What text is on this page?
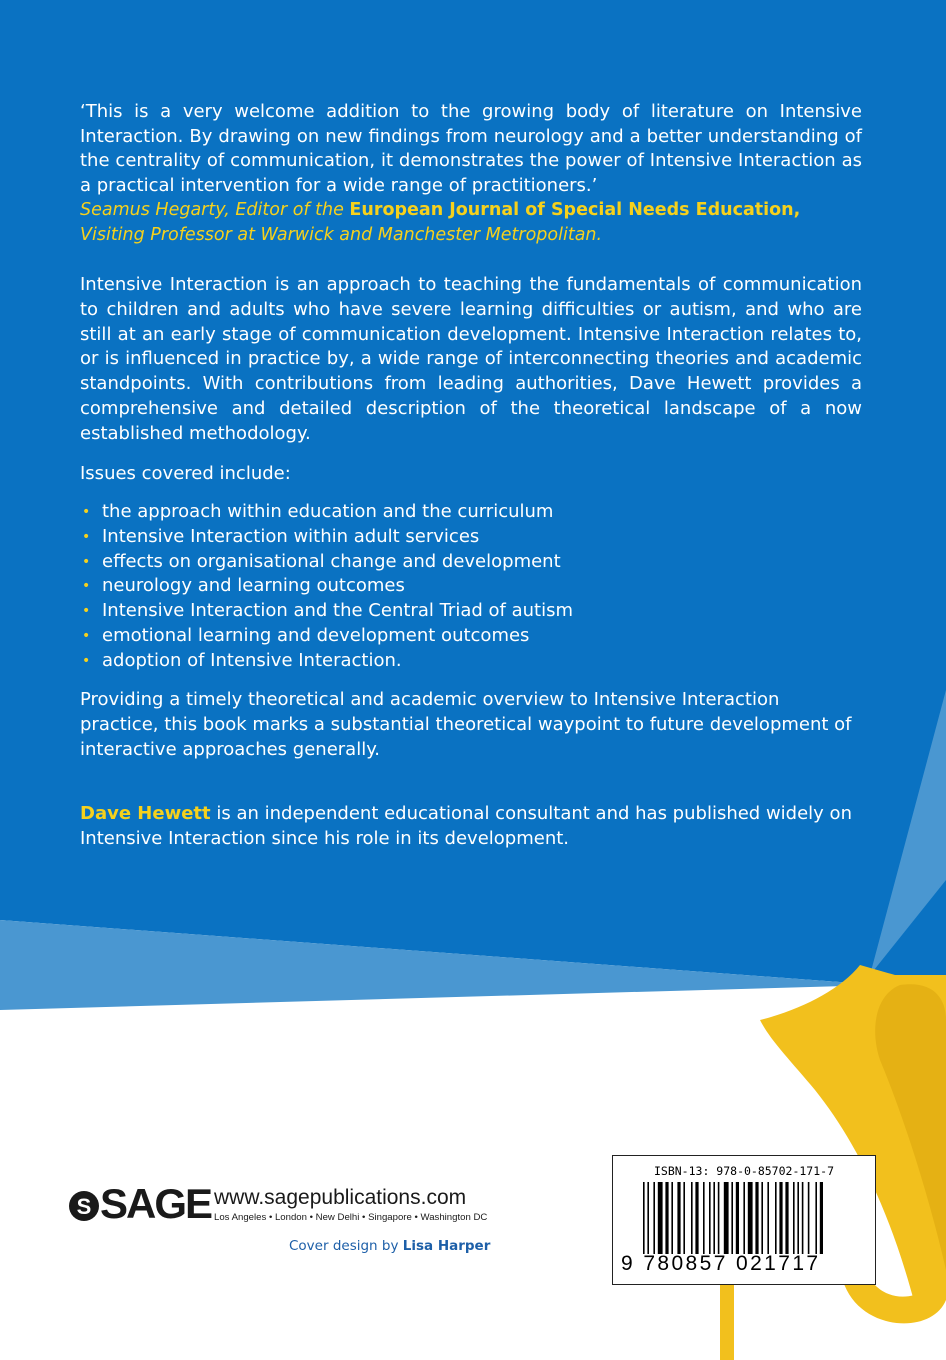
‘This is a very welcome addition to the growing body of literature on Intensive Interaction. By drawing on new findings from neurology and a better understanding of the centrality of communication, it demonstrates the power of Intensive Interaction as a practical intervention for a wide range of practitioners.’

Seamus Hegarty, Editor of the European Journal of Special Needs Education,
Visiting Professor at Warwick and Manchester Metropolitan.

Intensive Interaction is an approach to teaching the fundamentals of communication to children and adults who have severe learning difficulties or autism, and who are still at an early stage of communication development. Intensive Interaction relates to, or is influenced in practice by, a wide range of interconnecting theories and academic standpoints. With contributions from leading authorities, Dave Hewett provides a comprehensive and detailed description of the theoretical landscape of a now established methodology.

Issues covered include:

• the approach within education and the curriculum
• Intensive Interaction within adult services
• effects on organisational change and development
• neurology and learning outcomes
• Intensive Interaction and the Central Triad of autism
• emotional learning and development outcomes
• adoption of Intensive Interaction.

Providing a timely theoretical and academic overview to Intensive Interaction practice, this book marks a substantial theoretical waypoint to future development of interactive approaches generally.

Dave Hewett is an independent educational consultant and has published widely on Intensive Interaction since his role in its development.

S SAGE www.sagepublications.com
Los Angeles • London • New Delhi • Singapore • Washington DC
Cover design by Lisa Harper
ISBN-13: 978-0-85702-171-7
9 780857 021717
